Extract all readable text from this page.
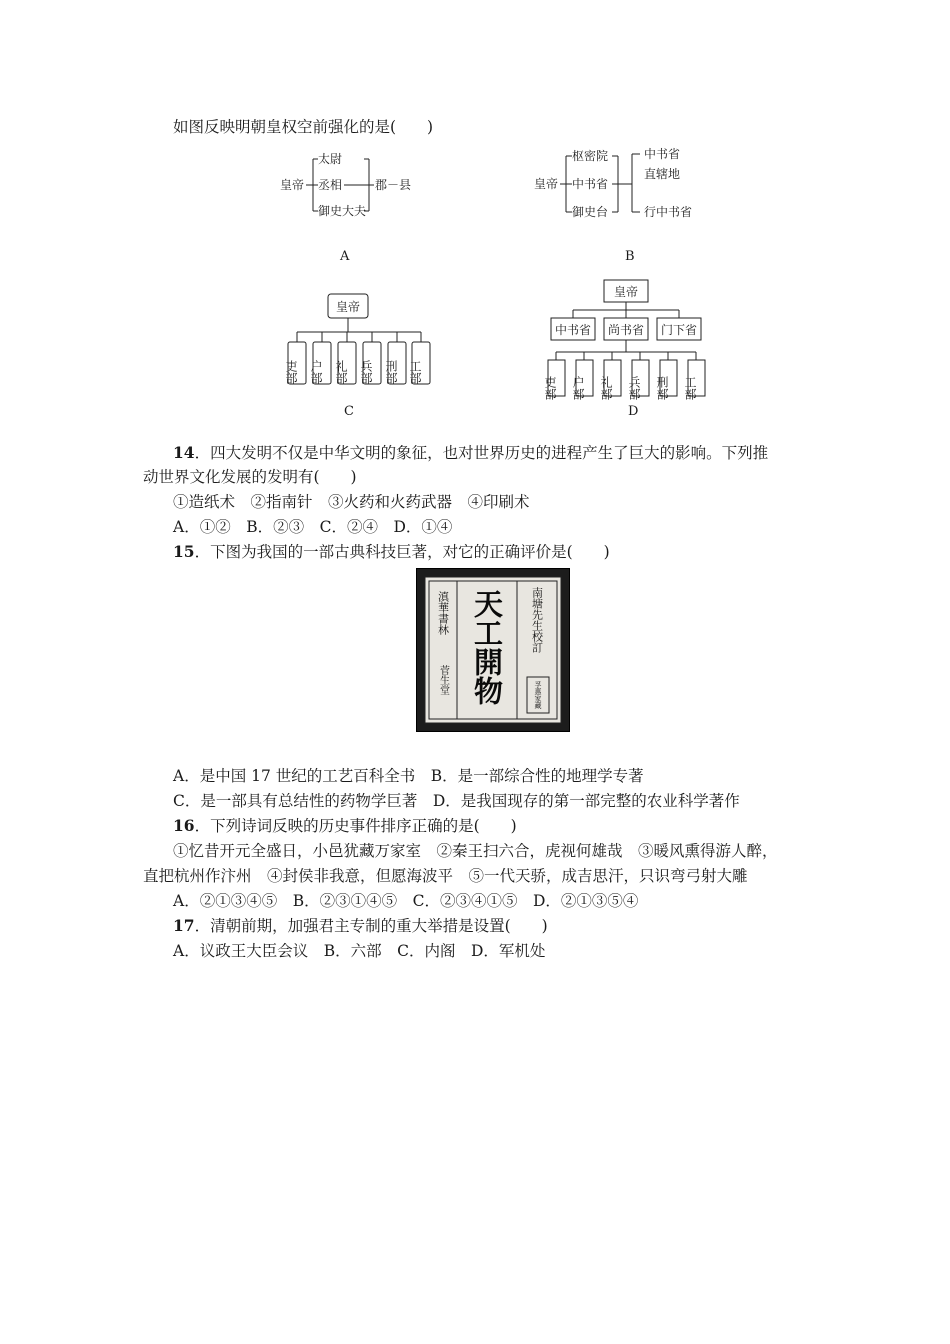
如图反映明朝皇权空前强化的是(　　)
皇帝
太尉
丞相
御史大夫
郡－县
A
皇帝
枢密院
中书省
御史台
中书省
直辖地
行中书省
B
皇帝
吏部 户部 礼部 兵部 刑部 工部
C
皇帝
中书省 尚书省 门下省
吏部 户部 礼部 兵部 刑部 工部
D
14．四大发明不仅是中华文明的象征，也对世界历史的进程产生了巨大的影响。下列推
动世界文化发展的发明有(　　)
①造纸术　②指南针　③火药和火药武器　④印刷术
A．①②　B．②③　C．②④　D．①④
15．下图为我国的一部古典科技巨著，对它的正确评价是(　　)
滇華書林
菅生堂 天工開物 南塘先生校訂
孚惠家藏
A．是中国 17 世纪的工艺百科全书　B．是一部综合性的地理学专著
C．是一部具有总结性的药物学巨著　D．是我国现存的第一部完整的农业科学著作
16．下列诗词反映的历史事件排序正确的是(　　)
①忆昔开元全盛日，小邑犹藏万家室　②秦王扫六合，虎视何雄哉　③暖风熏得游人醉，
直把杭州作汴州　④封侯非我意，但愿海波平　⑤一代天骄，成吉思汗，只识弯弓射大雕
A．②①③④⑤　B．②③①④⑤　C．②③④①⑤　D．②①③⑤④
17．清朝前期，加强君主专制的重大举措是设置(　　)
A．议政王大臣会议　B．六部　C．内阁　D．军机处
